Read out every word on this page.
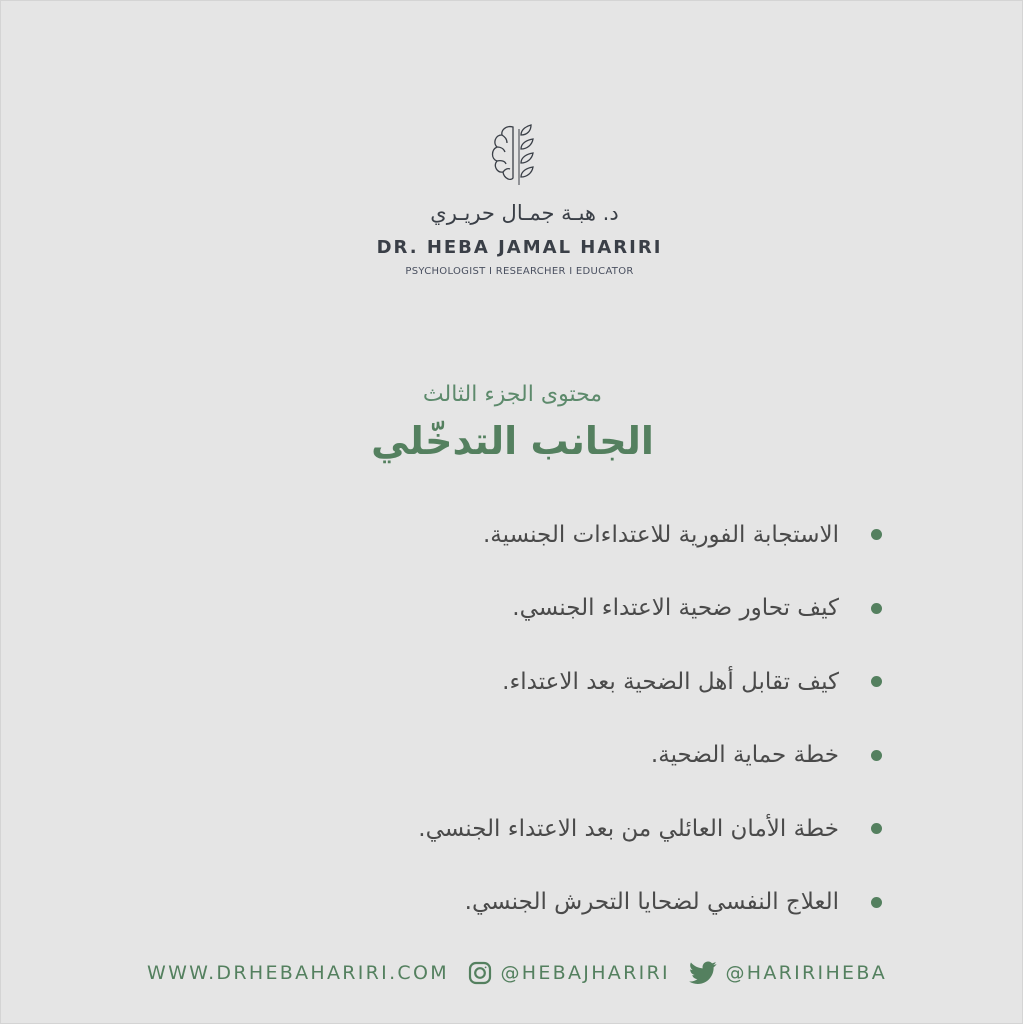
د. هبـة جمـال حريـري
DR. HEBA JAMAL HARIRI
PSYCHOLOGIST I RESEARCHER I EDUCATOR
محتوى الجزء الثالث
الجانب التدخّلي
الاستجابة الفورية للاعتداءات الجنسية.
كيف تحاور ضحية الاعتداء الجنسي.
كيف تقابل أهل الضحية بعد الاعتداء.
خطة حماية الضحية.
خطة الأمان العائلي من بعد الاعتداء الجنسي.
العلاج النفسي لضحايا التحرش الجنسي.
WWW.DRHEBAHARIRI.COM	@HEBAJHARIRI	@HARIRIHEBA
